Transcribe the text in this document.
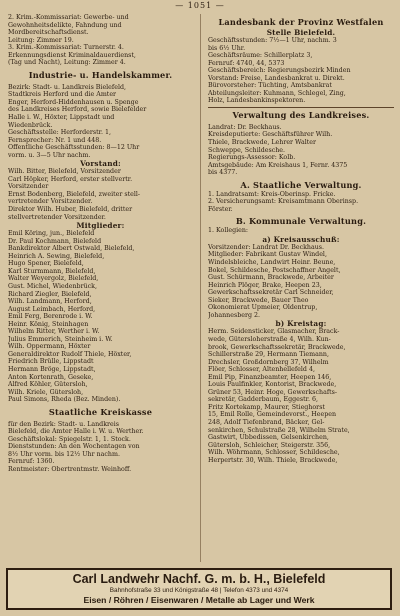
— 1051 —
2. Krim.-Kommissariat: Gewerbe- und
Gewohnheitsdelikte, Fahndung und
Mordbereitschaftsdienst.
Leitung: Zimmer 19.
3. Krim.-Kommissariat: Turnerstr. 4.
Erkennungsdienst Kriminaldauerdienst,
(Tag und Nacht), Leitung: Zimmer 4.
Industrie- u. Handelskammer.
Bezirk: Stadt- u. Landkreis Bielefeld,
Stadtkreis Herford und die Ämter
Enger, Herford-Hiddenhausen u. Spenge
des Landkreises Herford, sowie Bielefelder
Halle i. W., Höxter, Lippstadt und
Wiedenbrück.
Geschäftsstelle: Herforderstr. 1,
Fernsprecher: Nr. 1 und 448.
Öffentliche Geschäftsstunden: 8—12 Uhr
vorm. u. 3—5 Uhr nachm.
Vorstand:
Wilh. Bitter, Bielefeld, Vorsitzender
Carl Höpker, Herford, erster stellvertr.
Vorsitzender
Ernst Bodenberg, Bielefeld, zweiter stell-
vertretender Vorsitzender.
Direktor Wilh. Huber, Bielefeld, dritter
stellvertretender Vorsitzender.
Mitglieder:
Emil Köring, jun., Bielefeld
Dr. Paul Kochmann, Bielefeld
Bankdirektor Albert Ostwald, Bielefeld,
Heinrich A. Sewing, Bielefeld,
Hugo Spener, Bielefeld,
Karl Sturmmann, Bielefeld,
Walter Weyergolz, Bielefeld,
Gust. Michel, Wiedenbrück,
Richard Ziegler, Bielefeld,
Wilh. Landmann, Herford,
August Leimbach, Herford,
Emil Ferg, Berenrode i. W.
Heinr. König, Steinhagen
Wilhelm Ritter, Werther i. W.
Julius Emmerich, Steinheim i. W.
Wilh. Oppermann, Höxter
Generaldirektor Rudolf Thiele, Höxter,
Friedrich Brülle, Lippstadt
Hermann Bröge, Lippstadt,
Anton Kortenrath, Geseke,
Alfred Köhler, Gütersloh,
Wilh. Kriele, Gütersloh,
Paul Simons, Rheda (Bez. Minden).
Staatliche Kreiskasse
für den Bezirk: Stadt- u. Landkreis
Bielefeld, die Ämter Halle i. W. u. Werther.
Geschäftslokal: Spiegelstr. 1, 1. Stock.
Dienststunden: An den Wochentagen von
8½ Uhr vorm. bis 12½ Uhr nachm.
Fernruf: 1360.
Rentmeister: Obertrentmstr. Weinhoff.
Landesbank der Provinz Westfalen
Stelle Bielefeld.
Geschäftsstunden: 7½—1 Uhr, nachm. 3
bis 6½ Uhr.
Geschäftsräume: Schillerplatz 3,
Fernruf: 4740, 44, 5373
Geschäftsbereich: Regierungsbezirk Minden
Vorstand: Freise, Landesbankrat u. Direkt.
Bürovorsteher: Tüchting, Amtsbankrat
Abteilungsleiter: Kuhmann, Schlegel, Zing,
Holz, Landesbankinspektoren.
Verwaltung des Landkreises.
Landrat: Dr. Beckhaus.
Kreisdeputierte: Geschäftsführer Wilh.
Thiele, Brackwede, Lehrer Walter
Schweppe, Schildesche.
Regierungs-Assessor: Kolb.
Amtsgebäude: Am Kreishaus 1, Fernr. 4375
bis 4377.
A. Staatliche Verwaltung.
1. Landratsamt: Kreis-Oberinsp. Fricke.
2. Versicherungsamt: Kreisamtmann Oberinsp.
Förster.
B. Kommunale Verwaltung.
1. Kollegien:
a) Kreisausschuß:
Vorsitzender: Landrat Dr. Beckhaus.
Mitglieder: Fabrikant Gustav Windel,
Windelsbleiche, Landwirt Heinr. Beune,
Bokel, Schildesche, Postschaffner Angelt,
Gust. Schürmann, Brackwede, Arbeiter
Heinrich Plöger, Brake, Heepen 23,
Gewerkschaftssekretär Carl Schneider,
Sieker, Brackwede, Bauer Theo
Ökonomierat Upmeier, Oldentrup,
Johannesberg 2.
b) Kreistag:
Herm. Seidensticker, Glasmacher, Brack-
wede, Gütersloherstraße 4, Wilh. Kun-
brook, Gewerkschaftssekretär, Brackwede,
Schillerstraße 29, Hermann Tiemann,
Drechsler, Großdornberg 37, Wilhelm
Flöer, Schlosser, Altenhellefeld 4,
Emil Pip, Finanzbeamter, Heepen 146,
Louis Paulfinkler, Kontorist, Brackwede,
Grüner 53, Heinr. Hoge, Gewerkschafts-
sekretär, Gadderbaum, Eggestr. 6,
Fritz Kortekamp, Maurer, Stieghorst
15, Emil Rolle, Gemeindevorst., Heepen
248, Adolf Tiefenbrand, Bäcker, Gel-
senkirchen, Schulstraße 28, Wilhelm Strate,
Gastwirt, Ubbedissen, Gelsenkirchen,
Gütersloh, Schleicher, Steigerstr. 356,
Wilh. Wöhrmann, Schlosser, Schildesche,
Herpertstr. 30, Wilh. Thiele, Brackwede,
Carl Landwehr Nachf. G. m. b. H., Bielefeld
Bahnhofstraße 33 und Königstraße 48 | Telefon 4373 und 4374
Eisen / Röhren / Eisenwaren / Metalle ab Lager und Werk
